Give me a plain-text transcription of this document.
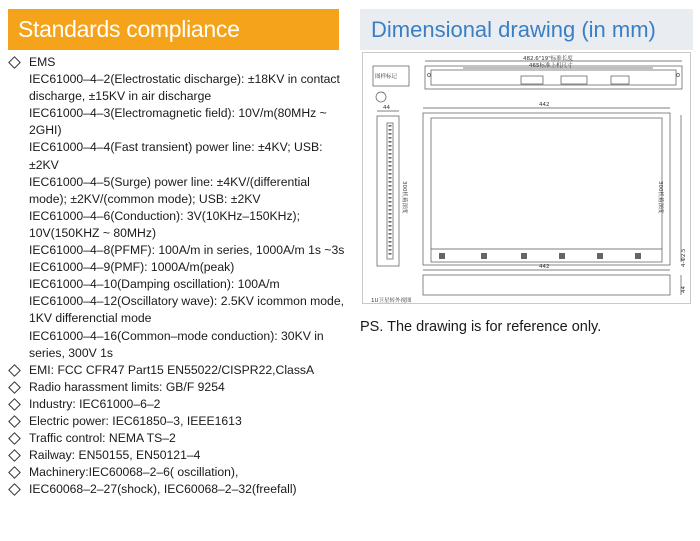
Standards compliance	Dimensional drawing (in mm)
EMS
IEC61000–4–2(Electrostatic discharge): ±18KV in contact discharge, ±15KV in air discharge
IEC61000–4–3(Electromagnetic field): 10V/m(80MHz ~ 2GHI)
IEC61000–4–4(Fast transient) power line: ±4KV; USB: ±2KV
IEC61000–4–5(Surge) power line: ±4KV/(differential mode); ±2KV/(common mode); USB: ±2KV
IEC61000–4–6(Conduction): 3V(10KHz–150KHz); 10V(150KHZ ~ 80MHz)
IEC61000–4–8(PFMF): 100A/m in series, 1000A/m 1s ~3s
IEC61000–4–9(PMF): 1000A/m(peak)
IEC61000–4–10(Damping oscillation): 100A/m
IEC61000–4–12(Oscillatory wave): 2.5KV icommon mode, 1KV differenctial mode
IEC61000–4–16(Common–mode conduction): 30KV in series, 300V 1s
EMI: FCC CFR47 Part15 EN55022/CISPR22,ClassA
Radio harassment limits: GB/F 9254
Industry: IEC61000–6–2
Electric power: IEC61850–3, IEEE1613
Traffic control: NEMA TS–2
Railway: EN50155, EN50121–4
Machinery:IEC60068–2–6( oscillation),
IEC60068–2–27(shock), IEC60068–2–32(freefall)
图样标记
482.6"19"标准长度
465标准上机尺寸
44	442
300机箱深度	300机箱深度
442
44
4-Φ2.5
1U卫星转外视图
PS. The drawing is for reference only.
